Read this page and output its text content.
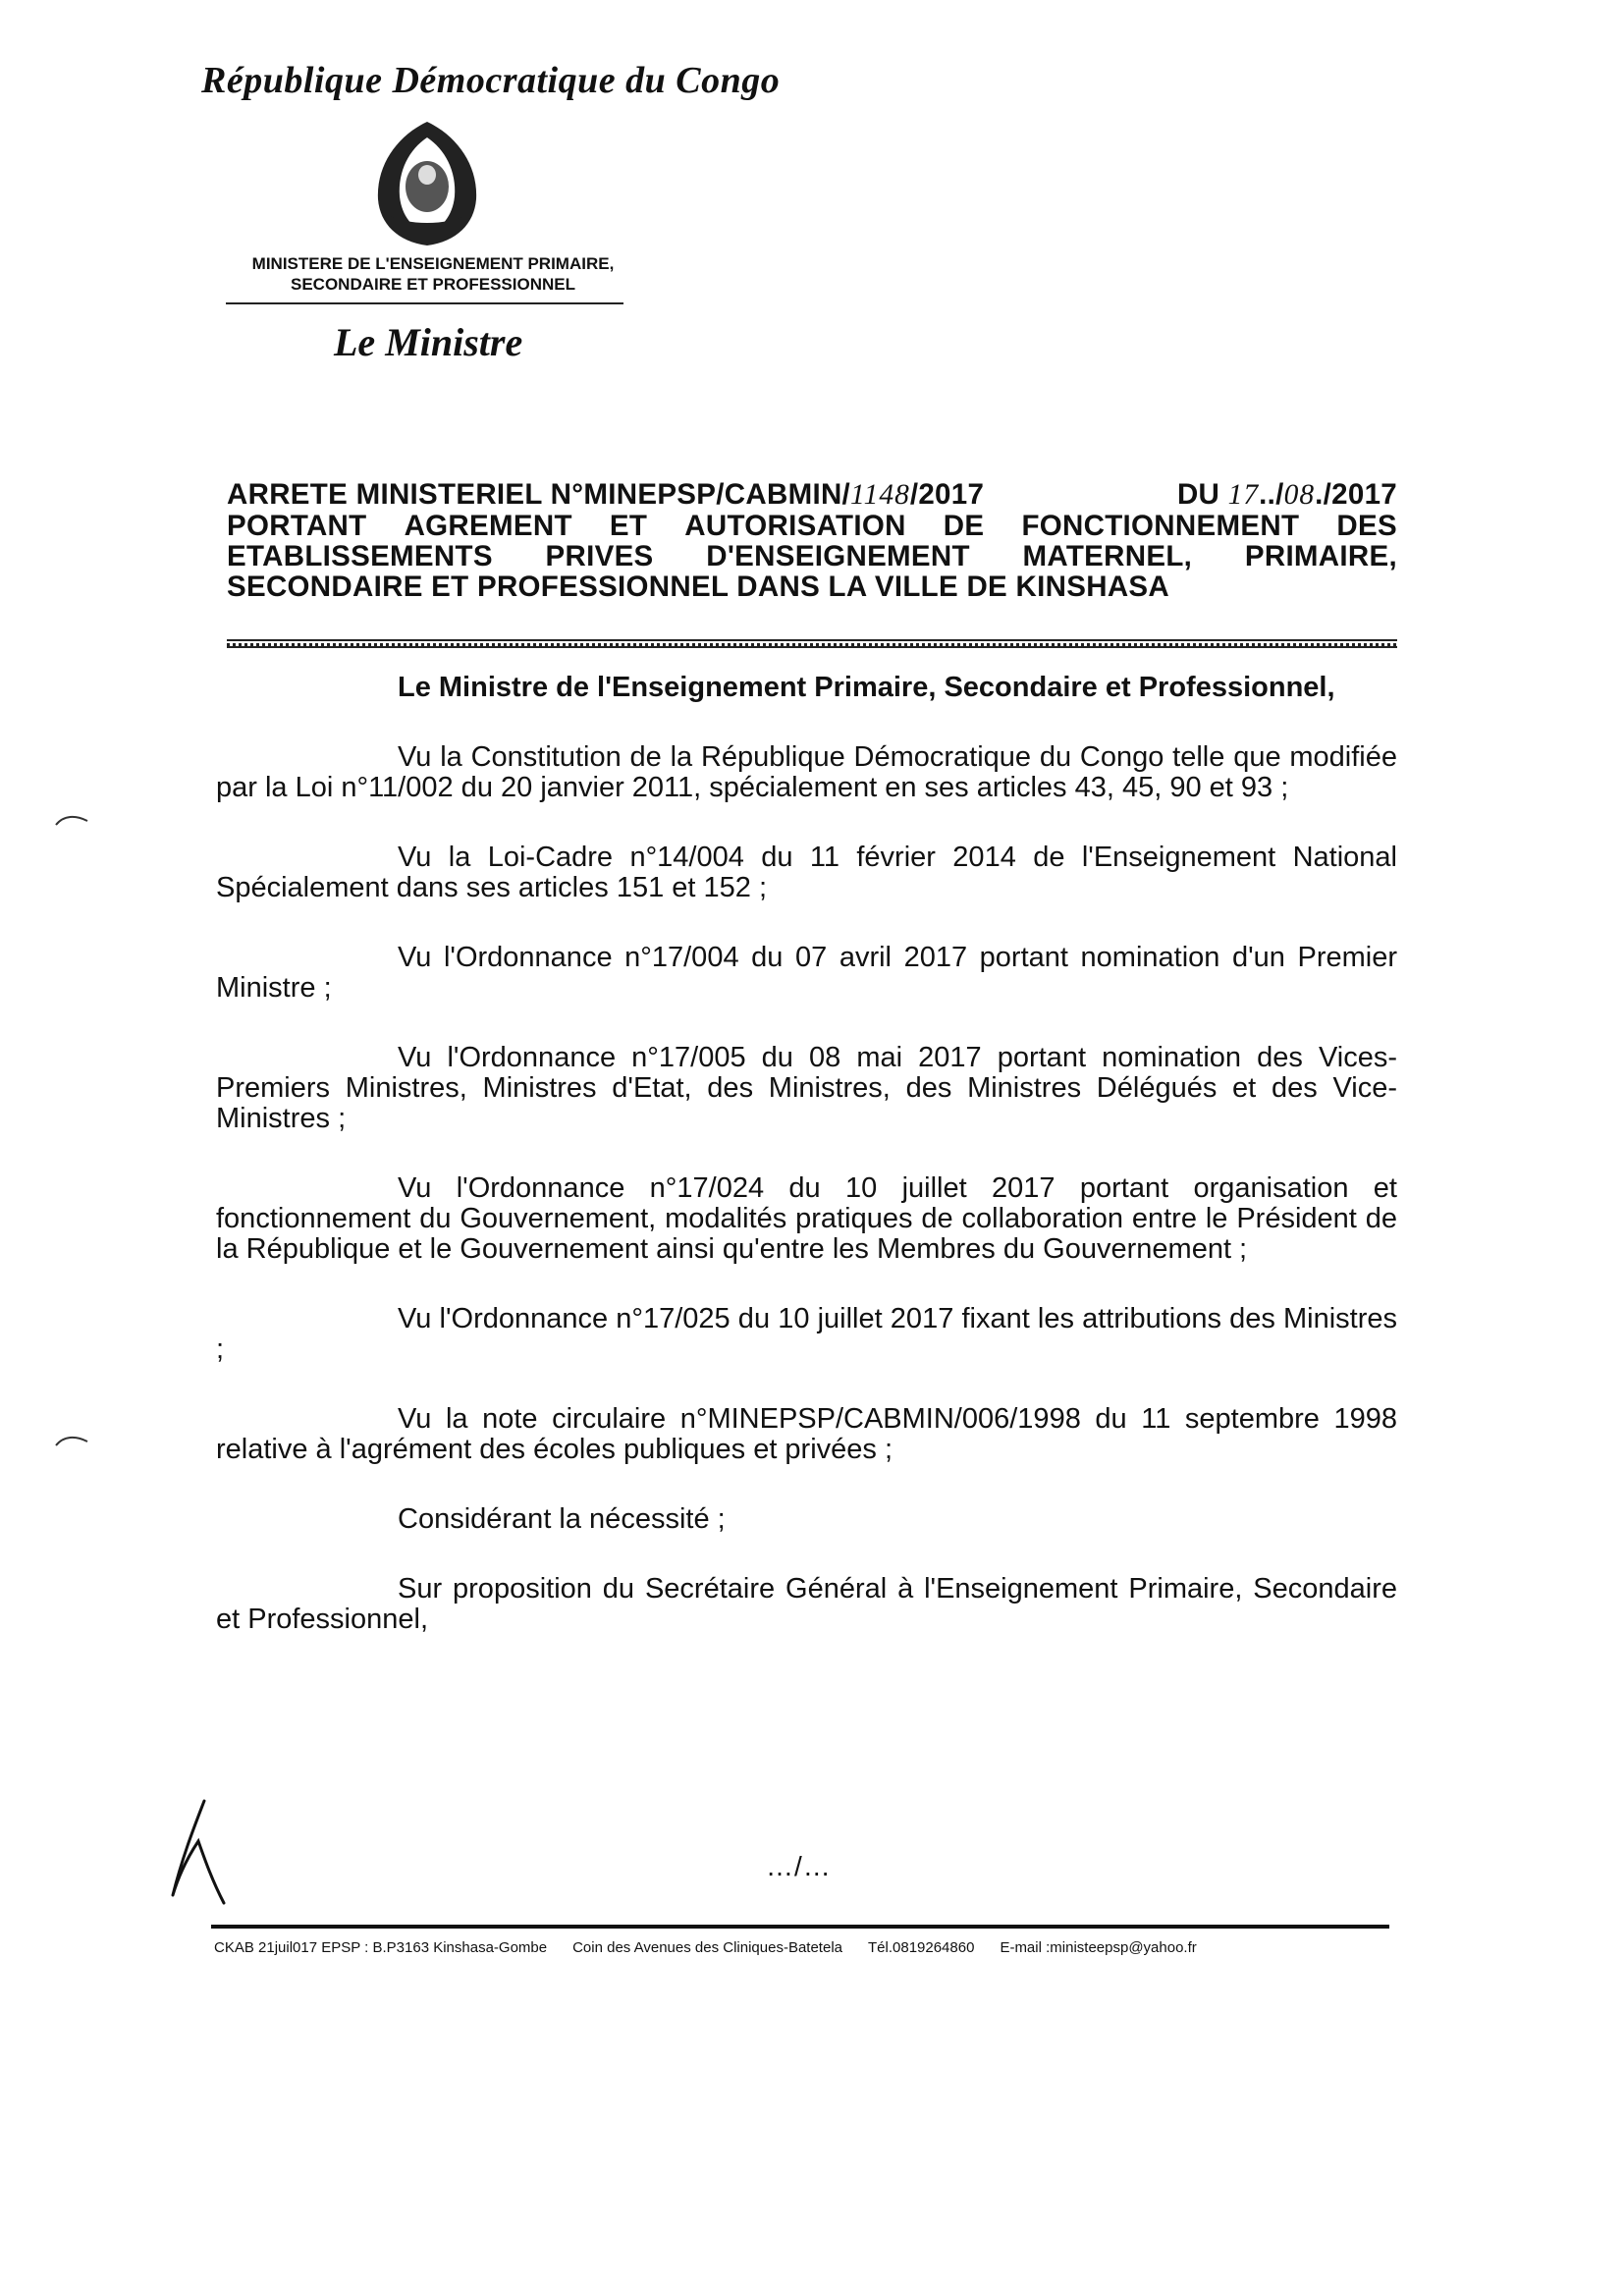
République Démocratique du Congo
MINISTERE DE L'ENSEIGNEMENT PRIMAIRE,
SECONDAIRE ET PROFESSIONNEL
Le Ministre
ARRETE MINISTERIEL N°MINEPSP/CABMIN/1148/2017	DU 17../08./2017
PORTANT AGREMENT ET AUTORISATION DE FONCTIONNEMENT DES
ETABLISSEMENTS PRIVES D'ENSEIGNEMENT MATERNEL, PRIMAIRE,
SECONDAIRE ET PROFESSIONNEL DANS LA VILLE DE KINSHASA
Le Ministre de l'Enseignement Primaire, Secondaire et Professionnel,
Vu la Constitution de la République Démocratique du Congo telle que modifiée par la Loi n°11/002 du 20 janvier 2011, spécialement en ses articles 43, 45, 90 et 93 ;
Vu la Loi-Cadre n°14/004 du 11 février 2014 de l'Enseignement National Spécialement dans ses articles 151 et 152 ;
Vu l'Ordonnance n°17/004 du 07 avril 2017 portant nomination d'un Premier Ministre ;
Vu l'Ordonnance n°17/005 du 08 mai 2017 portant nomination des Vices-Premiers Ministres, Ministres d'Etat, des Ministres, des Ministres Délégués et des Vice-Ministres ;
Vu l'Ordonnance n°17/024 du 10 juillet 2017 portant organisation et fonctionnement du Gouvernement, modalités pratiques de collaboration entre le Président de la République et le Gouvernement ainsi qu'entre les Membres du Gouvernement ;
Vu l'Ordonnance n°17/025 du 10 juillet 2017 fixant les attributions des Ministres ;
Vu la note circulaire n°MINEPSP/CABMIN/006/1998 du 11 septembre 1998 relative à l'agrément des écoles publiques et privées ;
Considérant la nécessité ;
Sur proposition du Secrétaire Général à l'Enseignement Primaire, Secondaire et Professionnel,
…/…
CKAB 21juil017 EPSP : B.P3163 Kinshasa-Gombe Coin des Avenues des Cliniques-Batetela Tél.0819264860 E-mail :ministeepsp@yahoo.fr
